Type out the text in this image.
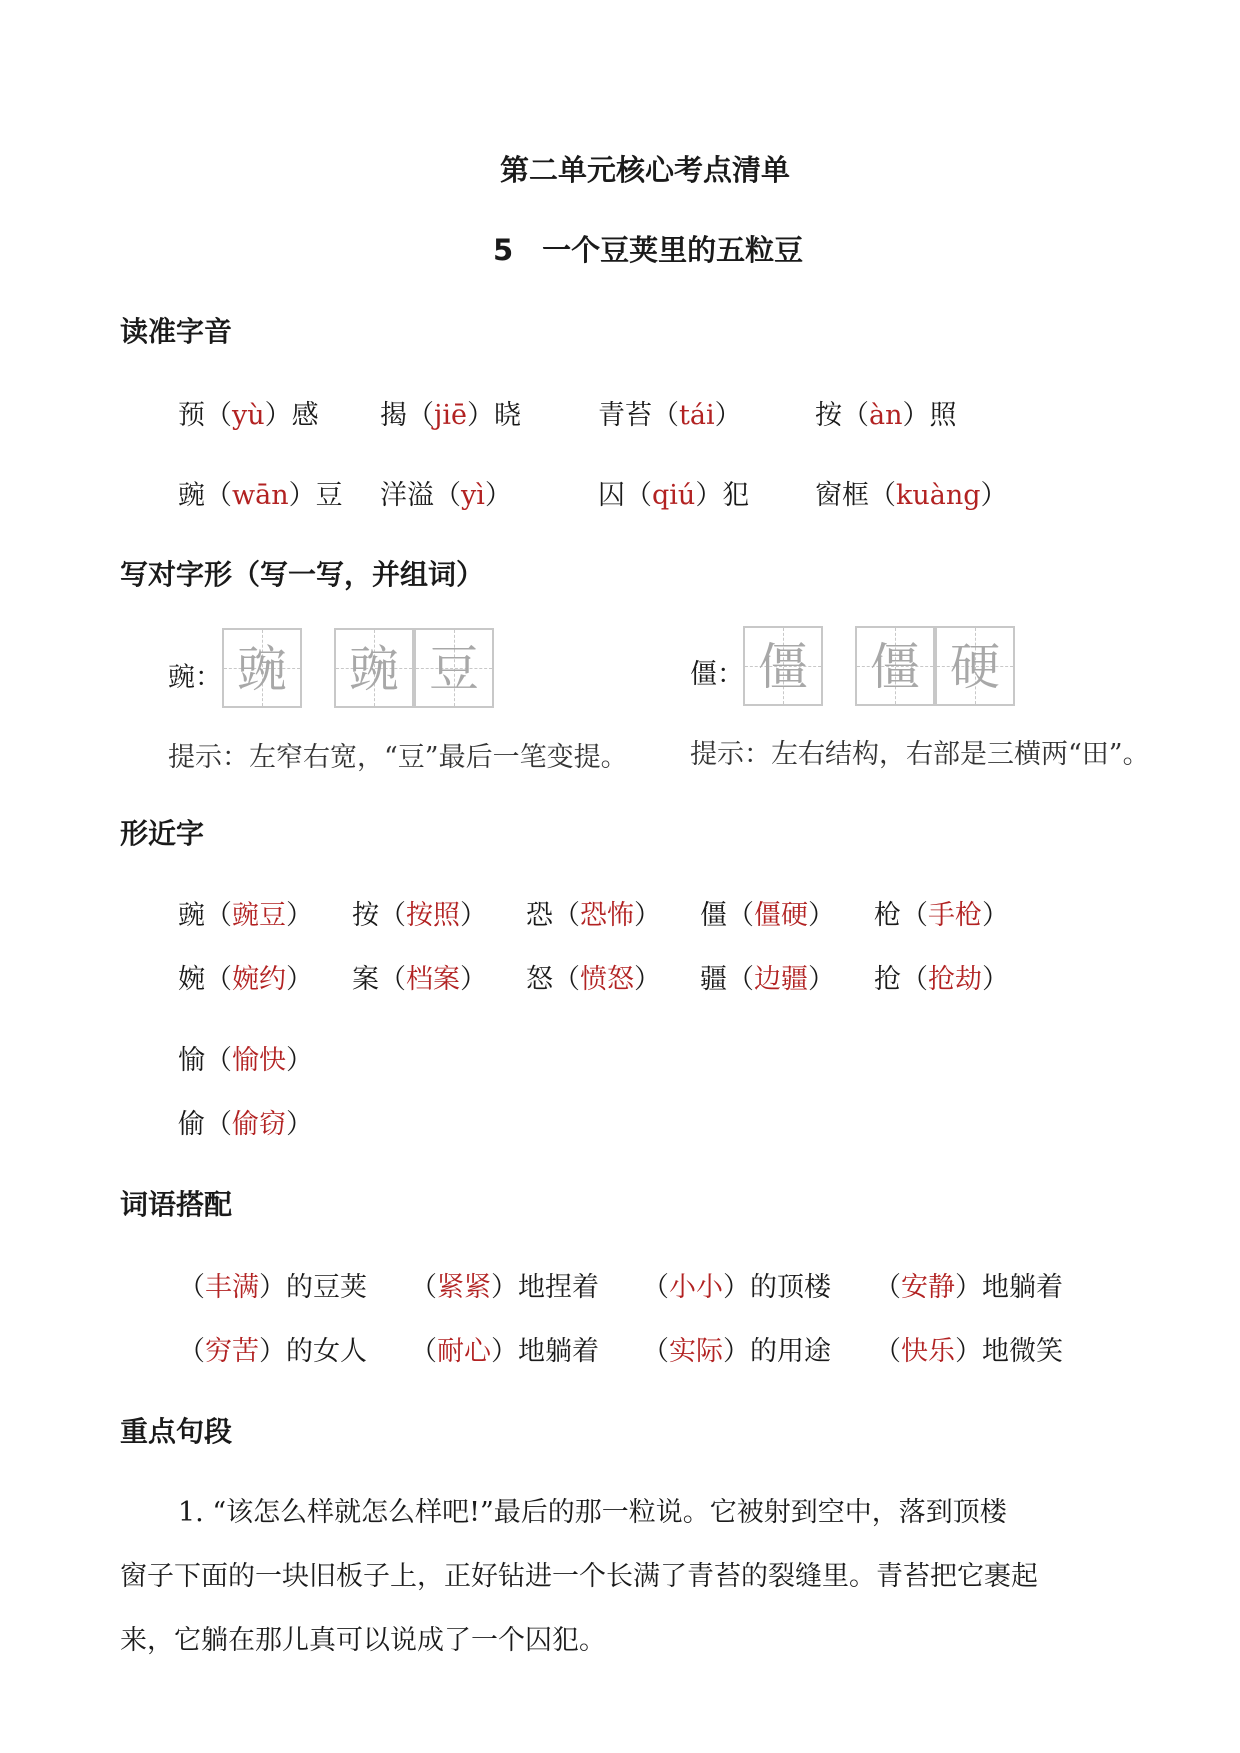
第二单元核心考点清单
5　一个豆荚里的五粒豆
读准字音
预（yù）感 揭（jiē）晓	青苔（tái）	按（àn）照
豌（wān）豆 洋溢（yì）	囚（qiú）犯 窗框（kuàng）
写对字形（写一写，并组词）
豌： 豌 豌 豆
提示：左窄右宽，“豆”最后一笔变提。
僵： 僵 僵 硬
提示：左右结构，右部是三横两“田”。
形近字
豌（豌豆） 按（按照） 恐（恐怖） 僵（僵硬） 枪（手枪）
婉（婉约） 案（档案） 怒（愤怒） 疆（边疆） 抢（抢劫）
愉（愉快）
偷（偷窃）
词语搭配
（丰满）的豆荚 （紧紧）地捏着 （小小）的顶楼 （安静）地躺着
（穷苦）的女人 （耐心）地躺着 （实际）的用途 （快乐）地微笑
重点句段
1. “该怎么样就怎么样吧!”最后的那一粒说。它被射到空中，落到顶楼
窗子下面的一块旧板子上，正好钻进一个长满了青苔的裂缝里。青苔把它裹起
来，它躺在那儿真可以说成了一个囚犯。
